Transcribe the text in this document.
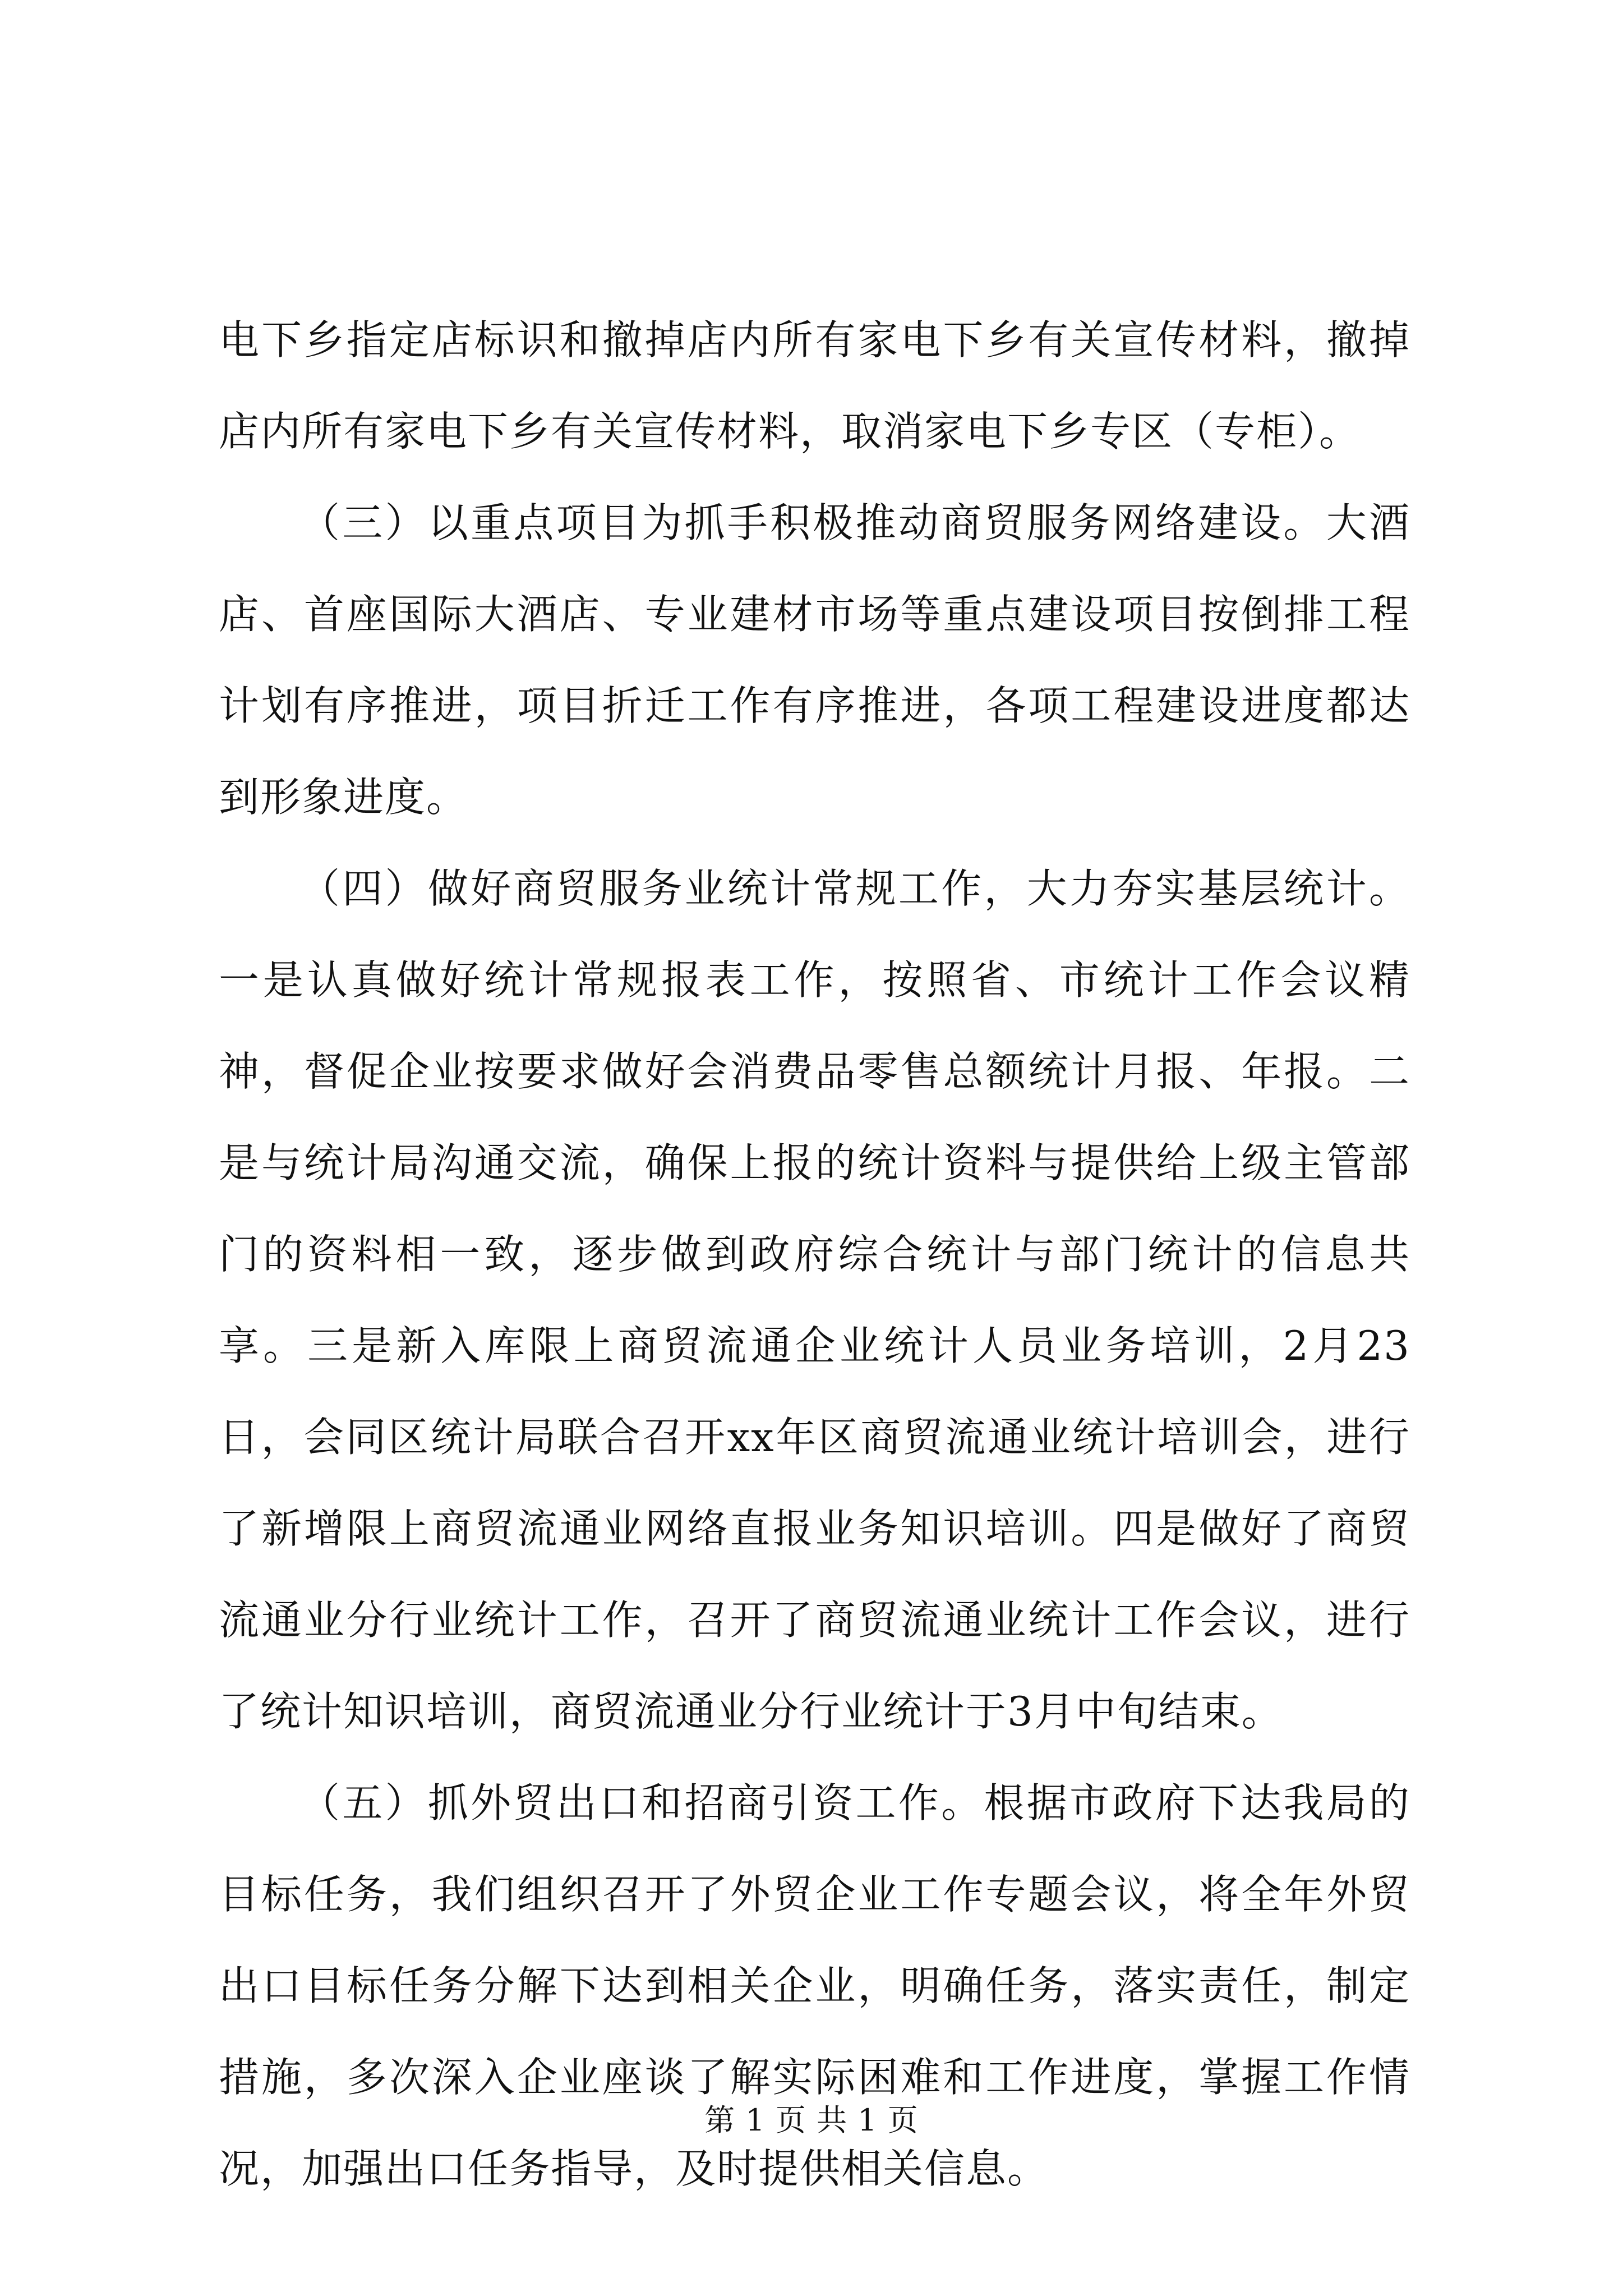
电下乡指定店标识和撤掉店内所有家电下乡有关宣传材料，撤掉店内所有家电下乡有关宣传材料，取消家电下乡专区（专柜）。

（三）以重点项目为抓手积极推动商贸服务网络建设。大酒店、首座国际大酒店、专业建材市场等重点建设项目按倒排工程计划有序推进，项目折迁工作有序推进，各项工程建设进度都达到形象进度。

（四）做好商贸服务业统计常规工作，大力夯实基层统计。一是认真做好统计常规报表工作，按照省、市统计工作会议精神，督促企业按要求做好会消费品零售总额统计月报、年报。二是与统计局沟通交流，确保上报的统计资料与提供给上级主管部门的资料相一致，逐步做到政府综合统计与部门统计的信息共享。三是新入库限上商贸流通企业统计人员业务培训，2月23日，会同区统计局联合召开xx年区商贸流通业统计培训会，进行了新增限上商贸流通业网络直报业务知识培训。四是做好了商贸流通业分行业统计工作，召开了商贸流通业统计工作会议，进行了统计知识培训，商贸流通业分行业统计于3月中旬结束。

（五）抓外贸出口和招商引资工作。根据市政府下达我局的目标任务，我们组织召开了外贸企业工作专题会议，将全年外贸出口目标任务分解下达到相关企业，明确任务，落实责任，制定措施，多次深入企业座谈了解实际困难和工作进度，掌握工作情况，加强出口任务指导，及时提供相关信息。

第 1 页 共 1 页
